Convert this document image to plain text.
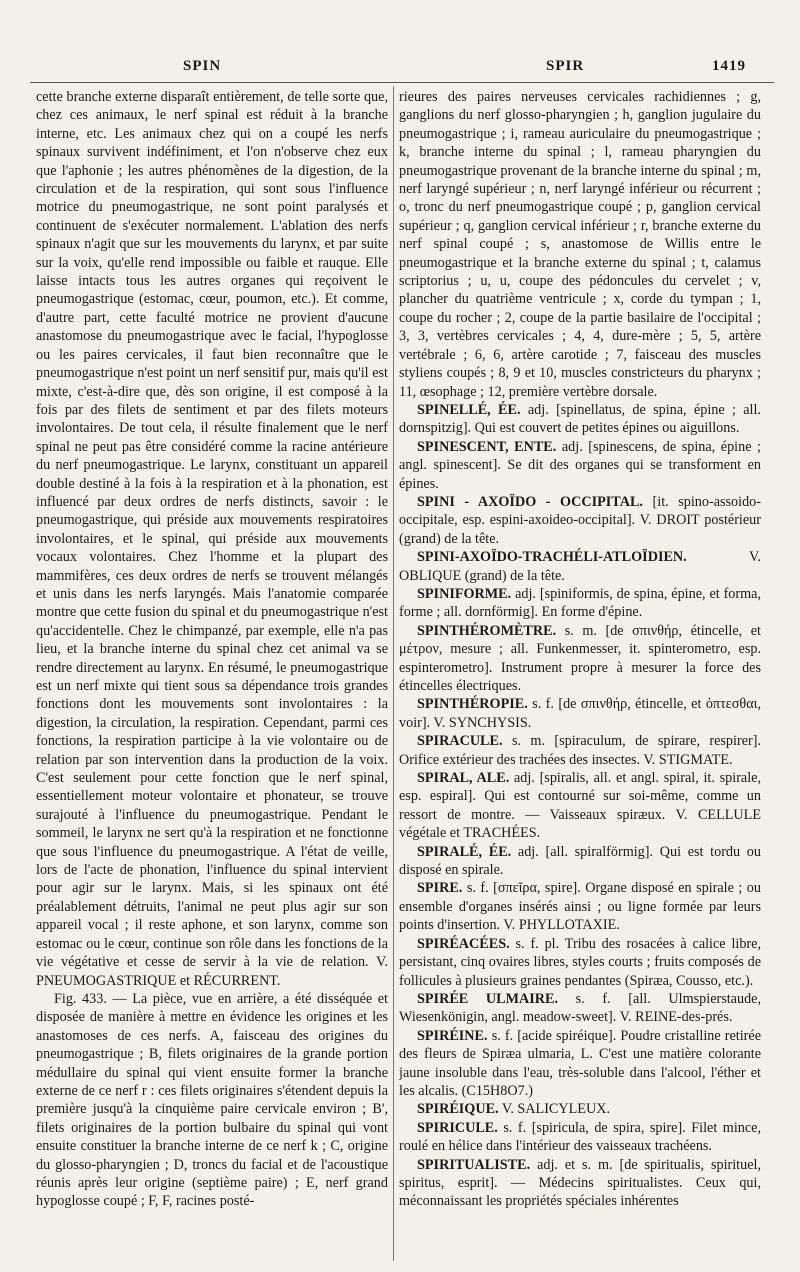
SPIN	SPIR	1419

cette branche externe disparaît entièrement, de telle sorte que, chez ces animaux, le nerf spinal est réduit à la branche interne, etc. Les animaux chez qui on a coupé les nerfs spinaux survivent indéfiniment, et l'on n'observe chez eux que l'aphonie ; les autres phénomènes de la digestion, de la circulation et de la respiration, qui sont sous l'influence motrice du pneumogastrique, ne sont point paralysés et continuent de s'exécuter normalement. L'ablation des nerfs spinaux n'agit que sur les mouvements du larynx, et par suite sur la voix, qu'elle rend impossible ou faible et rauque. Elle laisse intacts tous les autres organes qui reçoivent le pneumogastrique (estomac, cœur, poumon, etc.). Et comme, d'autre part, cette faculté motrice ne provient d'aucune anastomose du pneumogastrique avec le facial, l'hypoglosse ou les paires cervicales, il faut bien reconnaître que le pneumogastrique n'est point un nerf sensitif pur, mais qu'il est mixte, c'est-à-dire que, dès son origine, il est composé à la fois par des filets de sentiment et par des filets moteurs involontaires. De tout cela, il résulte finalement que le nerf spinal ne peut pas être considéré comme la racine antérieure du nerf pneumogastrique. Le larynx, constituant un appareil double destiné à la fois à la respiration et à la phonation, est influencé par deux ordres de nerfs distincts, savoir : le pneumogastrique, qui préside aux mouvements respiratoires involontaires, et le spinal, qui préside aux mouvements vocaux volontaires. Chez l'homme et la plupart des mammifères, ces deux ordres de nerfs se trouvent mélangés et unis dans les nerfs laryngés. Mais l'anatomie comparée montre que cette fusion du spinal et du pneumogastrique n'est qu'accidentelle. Chez le chimpanzé, par exemple, elle n'a pas lieu, et la branche interne du spinal chez cet animal va se rendre directement au larynx. En résumé, le pneumogastrique est un nerf mixte qui tient sous sa dépendance trois grandes fonctions dont les mouvements sont involontaires : la digestion, la circulation, la respiration. Cependant, parmi ces fonctions, la respiration participe à la vie volontaire ou de relation par son intervention dans la production de la voix. C'est seulement pour cette fonction que le nerf spinal, essentiellement moteur volontaire et phonateur, se trouve surajouté à l'influence du pneumogastrique. Pendant le sommeil, le larynx ne sert qu'à la respiration et ne fonctionne que sous l'influence du pneumogastrique. A l'état de veille, lors de l'acte de phonation, l'influence du spinal intervient pour agir sur le larynx. Mais, si les spinaux ont été préalablement détruits, l'animal ne peut plus agir sur son appareil vocal ; il reste aphone, et son larynx, comme son estomac ou le cœur, continue son rôle dans les fonctions de la vie végétative et cesse de servir à la vie de relation. V. PNEUMOGASTRIQUE et RÉCURRENT.

Fig. 433. — La pièce, vue en arrière, a été disséquée et disposée de manière à mettre en évidence les origines et les anastomoses de ces nerfs. A, faisceau des origines du pneumogastrique ; B, filets originaires de la grande portion médullaire du spinal qui vient ensuite former la branche externe de ce nerf r : ces filets originaires s'étendent depuis la première jusqu'à la cinquième paire cervicale environ ; B', filets originaires de la portion bulbaire du spinal qui vont ensuite constituer la branche interne de ce nerf k ; C, origine du glosso-pharyngien ; D, troncs du facial et de l'acoustique réunis après leur origine (septième paire) ; E, nerf grand hypoglosse coupé ; F, F, racines posté-

rieures des paires nerveuses cervicales rachidiennes ; g, ganglions du nerf glosso-pharyngien ; h, ganglion jugulaire du pneumogastrique ; i, rameau auriculaire du pneumogastrique ; k, branche interne du spinal ; l, rameau pharyngien du pneumogastrique provenant de la branche interne du spinal ; m, nerf laryngé supérieur ; n, nerf laryngé inférieur ou récurrent ; o, tronc du nerf pneumogastrique coupé ; p, ganglion cervical supérieur ; q, ganglion cervical inférieur ; r, branche externe du nerf spinal coupé ; s, anastomose de Willis entre le pneumogastrique et la branche externe du spinal ; t, calamus scriptorius ; u, u, coupe des pédoncules du cervelet ; v, plancher du quatrième ventricule ; x, corde du tympan ; 1, coupe du rocher ; 2, coupe de la partie basilaire de l'occipital ; 3, 3, vertèbres cervicales ; 4, 4, dure-mère ; 5, 5, artère vertébrale ; 6, 6, artère carotide ; 7, faisceau des muscles styliens coupés ; 8, 9 et 10, muscles constricteurs du pharynx ; 11, œsophage ; 12, première vertèbre dorsale.

SPINELLÉ, ÉE. adj. [spinellatus, de spina, épine ; all. dornspitzig]. Qui est couvert de petites épines ou aiguillons.

SPINESCENT, ENTE. adj. [spinescens, de spina, épine ; angl. spinescent]. Se dit des organes qui se transforment en épines.

SPINI - AXOÏDO - OCCIPITAL. [it. spino-assoido-occipitale, esp. espini-axoideo-occipital]. V. DROIT postérieur (grand) de la tête.

SPINI-AXOÏDO-TRACHÉLI-ATLOÏDIEN. V. OBLIQUE (grand) de la tête.

SPINIFORME. adj. [spiniformis, de spina, épine, et forma, forme ; all. dornförmig]. En forme d'épine.

SPINTHÉROMÈTRE. s. m. [de σπινθήρ, étincelle, et μέτρον, mesure ; all. Funkenmesser, it. spinterometro, esp. espinterometro]. Instrument propre à mesurer la force des étincelles électriques.

SPINTHÉROPIE. s. f. [de σπινθήρ, étincelle, et ὀπτεσθαι, voir]. V. SYNCHYSIS.

SPIRACULE. s. m. [spiraculum, de spirare, respirer]. Orifice extérieur des trachées des insectes. V. STIGMATE.

SPIRAL, ALE. adj. [spiralis, all. et angl. spiral, it. spirale, esp. espiral]. Qui est contourné sur soi-même, comme un ressort de montre. — Vaisseaux spiræux. V. CELLULE végétale et TRACHÉES.

SPIRALÉ, ÉE. adj. [all. spiralförmig]. Qui est tordu ou disposé en spirale.

SPIRE. s. f. [σπεῖρα, spire]. Organe disposé en spirale ; ou ensemble d'organes insérés ainsi ; ou ligne formée par leurs points d'insertion. V. PHYLLOTAXIE.

SPIRÉACÉES. s. f. pl. Tribu des rosacées à calice libre, persistant, cinq ovaires libres, styles courts ; fruits composés de follicules à plusieurs graines pendantes (Spiræa, Cousso, etc.).

SPIRÉE ULMAIRE. s. f. [all. Ulmspierstaude, Wiesenkönigin, angl. meadow-sweet]. V. REINE-des-prés.

SPIRÉINE. s. f. [acide spiréique]. Poudre cristalline retirée des fleurs de Spiræa ulmaria, L. C'est une matière colorante jaune insoluble dans l'eau, très-soluble dans l'alcool, l'éther et les alcalis. (C15H8O7.)

SPIRÉIQUE. V. SALICYLEUX.

SPIRICULE. s. f. [spiricula, de spira, spire]. Filet mince, roulé en hélice dans l'intérieur des vaisseaux trachéens.

SPIRITUALISTE. adj. et s. m. [de spiritualis, spirituel, spiritus, esprit]. — Médecins spiritualistes. Ceux qui, méconnaissant les propriétés spéciales inhérentes
